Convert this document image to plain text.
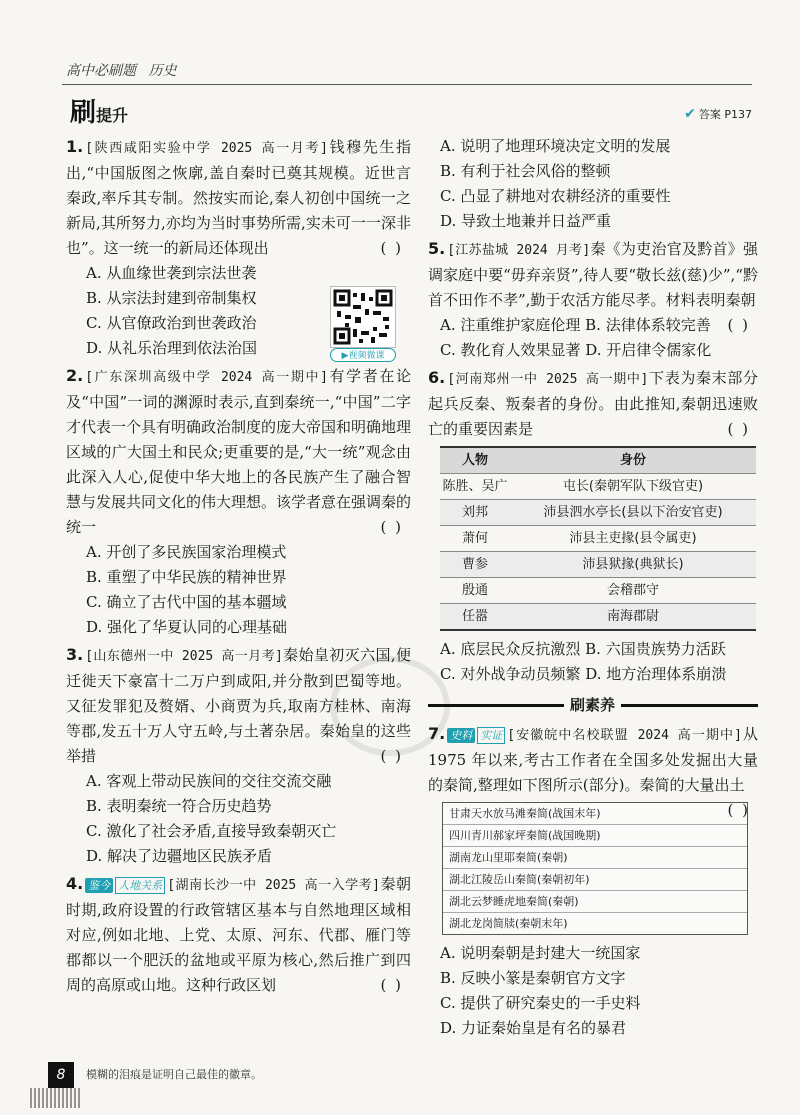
高中必刷题 历史
刷 提升	✔ 答案 P137
▶视频微课
1. [陕西咸阳实验中学 2025 高一月考]钱穆先生指出,“中国版图之恢廓,盖自秦时已奠其规模。近世言秦政,率斥其专制。然按实而论,秦人初创中国统一之新局,其所努力,亦均为当时事势所需,实未可一一深非也”。这一统一的新局还体现出	( )
A. 从血缘世袭到宗法世袭
B. 从宗法封建到帝制集权
C. 从官僚政治到世袭政治
D. 从礼乐治理到依法治国
2. [广东深圳高级中学 2024 高一期中]有学者在论及“中国”一词的渊源时表示,直到秦统一,“中国”二字才代表一个具有明确政治制度的庞大帝国和明确地理区域的广大国土和民众;更重要的是,“大一统”观念由此深入人心,促使中华大地上的各民族产生了融合智慧与发展共同文化的伟大理想。该学者意在强调秦的统一	( )
A. 开创了多民族国家治理模式
B. 重塑了中华民族的精神世界
C. 确立了古代中国的基本疆域
D. 强化了华夏认同的心理基础
3. [山东德州一中 2025 高一月考]秦始皇初灭六国,便迁徙天下豪富十二万户到咸阳,并分散到巴蜀等地。又征发罪犯及赘婿、小商贾为兵,取南方桂林、南海等郡,发五十万人守五岭,与土著杂居。秦始皇的这些举措	( )
A. 客观上带动民族间的交往交流交融
B. 表明秦统一符合历史趋势
C. 激化了社会矛盾,直接导致秦朝灭亡
D. 解决了边疆地区民族矛盾
4. 鉴今 人地关系 [湖南长沙一中 2025 高一入学考]秦朝时期,政府设置的行政管辖区基本与自然地理区域相对应,例如北地、上党、太原、河东、代郡、雁门等郡都以一个肥沃的盆地或平原为核心,然后推广到四周的高原或山地。这种行政区划	( )
A. 说明了地理环境决定文明的发展
B. 有利于社会风俗的整顿
C. 凸显了耕地对农耕经济的重要性
D. 导致土地兼并日益严重
5. [江苏盐城 2024 月考]秦《为吏治官及黔首》强调家庭中要“毋弃亲贤”,待人要“敬长兹(慈)少”,“黔首不田作不孝”,勤于农活方能尽孝。材料表明秦朝
( )
A. 注重维护家庭伦理 B. 法律体系较完善
C. 教化育人效果显著 D. 开启律令儒家化
6. [河南郑州一中 2025 高一期中]下表为秦末部分起兵反秦、叛秦者的身份。由此推知,秦朝迅速败亡的重要因素是	( )
人物	身份
陈胜、吴广	屯长(秦朝军队下级官吏)
刘邦	沛县泗水亭长(县以下治安官吏)
萧何	沛县主吏掾(县令属吏)
曹参	沛县狱掾(典狱长)
殷通	会稽郡守
任嚣	南海郡尉
A. 底层民众反抗激烈 B. 六国贵族势力活跃
C. 对外战争动员频繁 D. 地方治理体系崩溃
刷素养
7. 史料 实证 [安徽皖中名校联盟 2024 高一期中]从 1975 年以来,考古工作者在全国多处发掘出大量的秦简,整理如下图所示(部分)。秦简的大量出土
( )
甘肃天水放马滩秦简(战国末年)
四川青川郝家坪秦简(战国晚期)
湖南龙山里耶秦简(秦朝)
湖北江陵岳山秦简(秦朝初年)
湖北云梦睡虎地秦简(秦朝)
湖北龙岗简牍(秦朝末年)
A. 说明秦朝是封建大一统国家
B. 反映小篆是秦朝官方文字
C. 提供了研究秦史的一手史料
D. 力证秦始皇是有名的暴君
8	模糊的泪痕是证明自己最佳的徽章。
